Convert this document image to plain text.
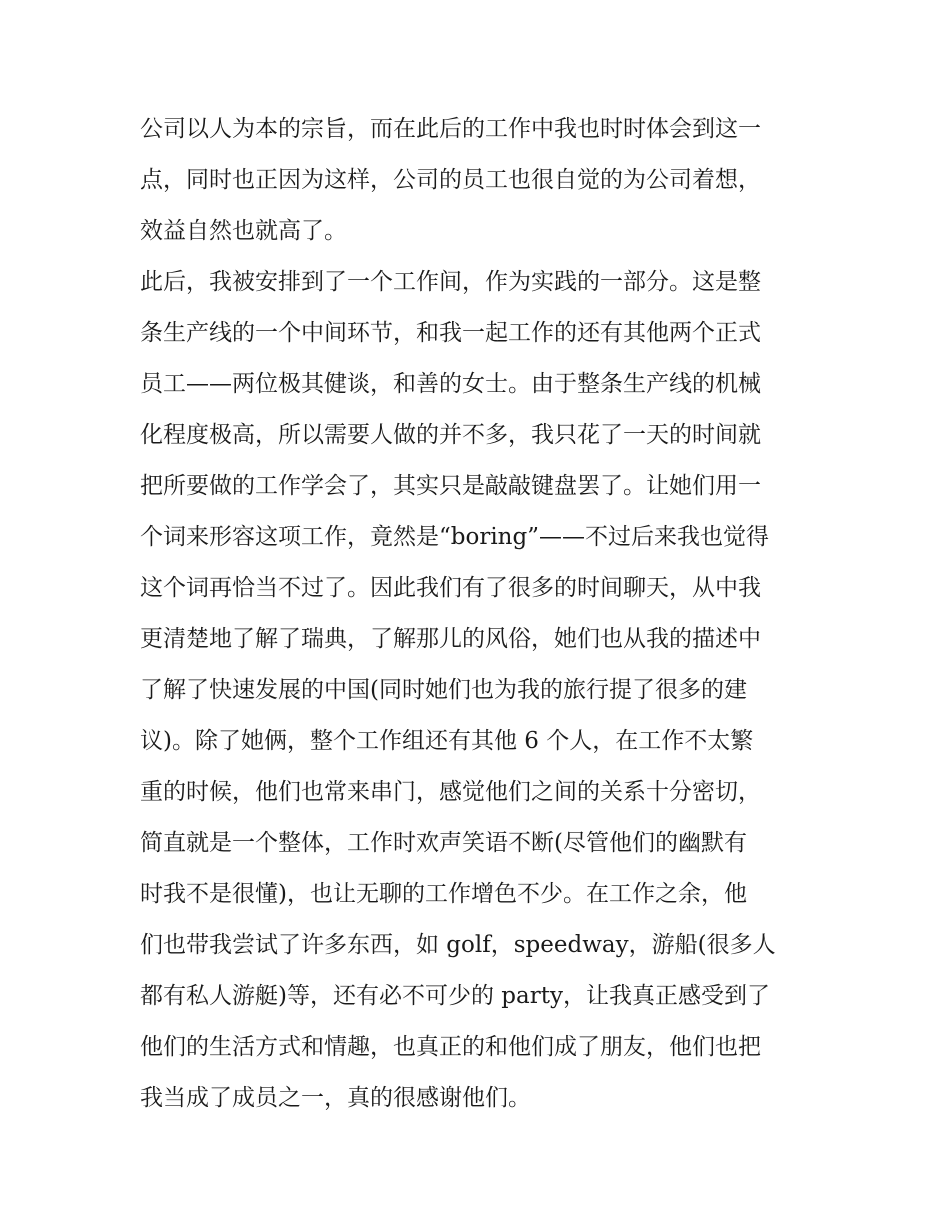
公司以人为本的宗旨，而在此后的工作中我也时时体会到这一
点，同时也正因为这样，公司的员工也很自觉的为公司着想，
效益自然也就高了。
此后，我被安排到了一个工作间，作为实践的一部分。这是整
条生产线的一个中间环节，和我一起工作的还有其他两个正式
员工——两位极其健谈，和善的女士。由于整条生产线的机械
化程度极高，所以需要人做的并不多，我只花了一天的时间就
把所要做的工作学会了，其实只是敲敲键盘罢了。让她们用一
个词来形容这项工作，竟然是“boring”——不过后来我也觉得
这个词再恰当不过了。因此我们有了很多的时间聊天，从中我
更清楚地了解了瑞典，了解那儿的风俗，她们也从我的描述中
了解了快速发展的中国(同时她们也为我的旅行提了很多的建
议)。除了她俩，整个工作组还有其他 6 个人，在工作不太繁
重的时候，他们也常来串门，感觉他们之间的关系十分密切，
简直就是一个整体，工作时欢声笑语不断(尽管他们的幽默有
时我不是很懂)，也让无聊的工作增色不少。在工作之余，他
们也带我尝试了许多东西，如 golf，speedway，游船(很多人
都有私人游艇)等，还有必不可少的 party，让我真正感受到了
他们的生活方式和情趣，也真正的和他们成了朋友，他们也把
我当成了成员之一，真的很感谢他们。
